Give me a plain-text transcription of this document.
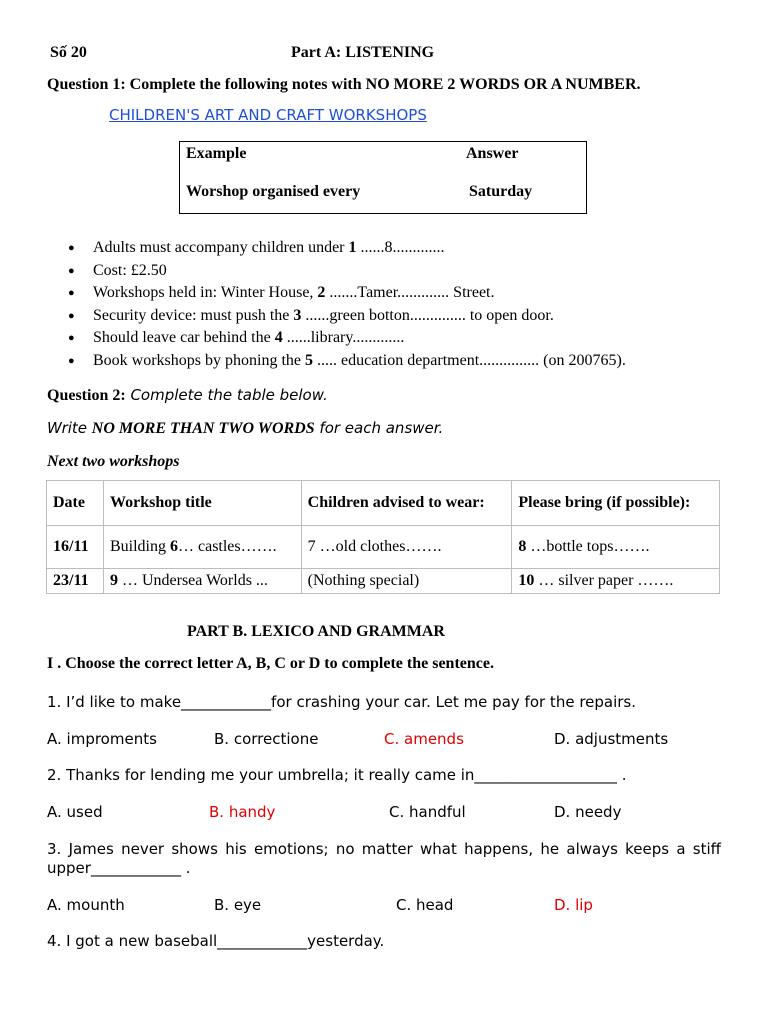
Số 20	Part A: LISTENING
Question 1: Complete the following notes with NO MORE 2 WORDS OR A NUMBER.
CHILDREN'S ART AND CRAFT WORKSHOPS
Example	Answer
Worshop organised every	Saturday
● Adults must accompany children under 1 ......8.............
● Cost: £2.50
● Workshops held in: Winter House, 2 .......Tamer............. Street.
● Security device: must push the 3 ......green botton.............. to open door.
● Should leave car behind the 4 ......library.............
● Book workshops by phoning the 5 ..... education department............... (on 200765).
Question 2: Complete the table below.
Write NO MORE THAN TWO WORDS for each answer.
Next two workshops
Date	Workshop title	Children advised to wear:	Please bring (if possible):
16/11	Building 6… castles…….	7 …old clothes…….	8 …bottle tops…….
23/11	9 … Undersea Worlds ...	(Nothing special)	10 … silver paper …….
PART B. LEXICO AND GRAMMAR
I . Choose the correct letter A, B, C or D to complete the sentence.
1. I’d like to make____________for crashing your car. Let me pay for the repairs.
A. improments	B. correctione	C. amends	D. adjustments
2. Thanks for lending me your umbrella; it really came in___________________ .
A. used	B. handy	C. handful	D. needy
3. James never shows his emotions; no matter what happens, he always keeps a stiff
upper____________ .
A. mounth	B. eye	C. head	D. lip
4. I got a new baseball____________yesterday.
